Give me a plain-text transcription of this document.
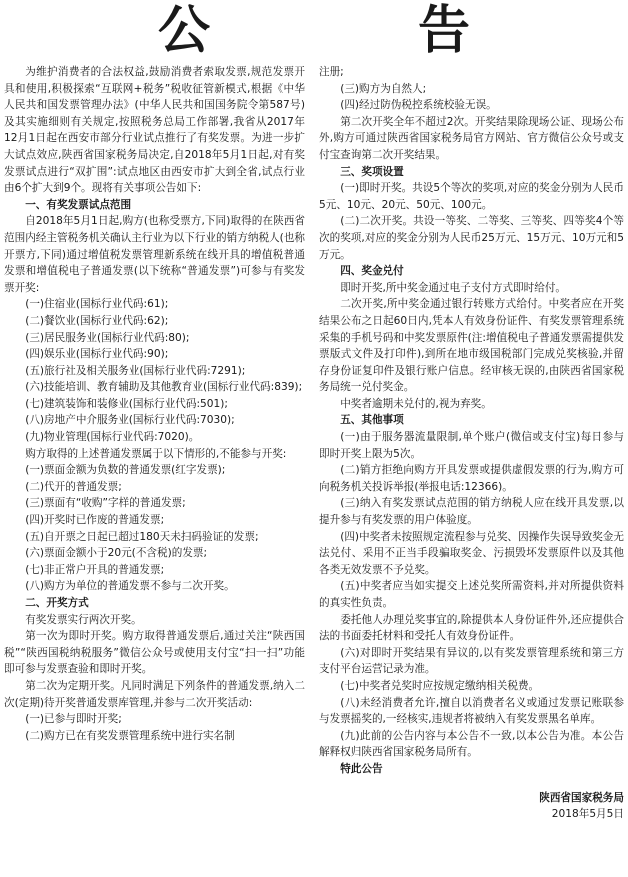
公　告

为维护消费者的合法权益,鼓励消费者索取发票,规范发票开具和使用,积极探索“互联网+税务”税收征管新模式,根据《中华人民共和国发票管理办法》(中华人民共和国国务院令第587号)及其实施细则有关规定,按照税务总局工作部署,我省从2017年12月1日起在西安市部分行业试点推行了有奖发票。为进一步扩大试点效应,陕西省国家税务局决定,自2018年5月1日起,对有奖发票试点进行“双扩围”:试点地区由西安市扩大到全省,试点行业由6个扩大到9个。现将有关事项公告如下:

一、有奖发票试点范围

自2018年5月1日起,购方(也称受票方,下同)取得的在陕西省范围内经主管税务机关确认主行业为以下行业的销方纳税人(也称开票方,下同)通过增值税发票管理新系统在线开具的增值税普通发票和增值税电子普通发票(以下统称“普通发票”)可参与有奖发票开奖:

(一)住宿业(国标行业代码:61);

(二)餐饮业(国标行业代码:62);

(三)居民服务业(国标行业代码:80);

(四)娱乐业(国标行业代码:90);

(五)旅行社及相关服务业(国标行业代码:7291);

(六)技能培训、教育辅助及其他教育业(国标行业代码:839);

(七)建筑装饰和装修业(国标行业代码:501);

(八)房地产中介服务业(国标行业代码:7030);

(九)物业管理(国标行业代码:7020)。

购方取得的上述普通发票属于以下情形的,不能参与开奖:

(一)票面金额为负数的普通发票(红字发票);

(二)代开的普通发票;

(三)票面有“收购”字样的普通发票;

(四)开奖时已作废的普通发票;

(五)自开票之日起已超过180天未扫码验证的发票;

(六)票面金额小于20元(不含税)的发票;

(七)非正常户开具的普通发票;

(八)购方为单位的普通发票不参与二次开奖。

二、开奖方式

有奖发票实行两次开奖。

第一次为即时开奖。购方取得普通发票后,通过关注“陕西国税”“陕西国税纳税服务”微信公众号或使用支付宝“扫一扫”功能即可参与发票查验和即时开奖。

第二次为定期开奖。凡同时满足下列条件的普通发票,纳入二次(定期)待开奖普通发票库管理,并参与二次开奖活动:

(一)已参与即时开奖;

(二)购方已在有奖发票管理系统中进行实名制

注册;

(三)购方为自然人;

(四)经过防伪税控系统校验无误。

第二次开奖全年不超过2次。开奖结果除现场公证、现场公布外,购方可通过陕西省国家税务局官方网站、官方微信公众号或支付宝查询第二次开奖结果。

三、奖项设置

(一)即时开奖。共设5个等次的奖项,对应的奖金分别为人民币5元、10元、20元、50元、100元。

(二)二次开奖。共设一等奖、二等奖、三等奖、四等奖4个等次的奖项,对应的奖金分别为人民币25万元、15万元、10万元和5万元。

四、奖金兑付

即时开奖,所中奖金通过电子支付方式即时给付。

二次开奖,所中奖金通过银行转账方式给付。中奖者应在开奖结果公布之日起60日内,凭本人有效身份证件、有奖发票管理系统采集的手机号码和中奖发票原件(注:增值税电子普通发票需提供发票版式文件及打印件),到所在地市级国税部门完成兑奖核验,并留存身份证复印件及银行账户信息。经审核无误的,由陕西省国家税务局统一兑付奖金。

中奖者逾期未兑付的,视为弃奖。

五、其他事项

(一)由于服务器流量限制,单个账户(微信或支付宝)每日参与即时开奖上限为5次。

(二)销方拒绝向购方开具发票或提供虚假发票的行为,购方可向税务机关投诉举报(举报电话:12366)。

(三)纳入有奖发票试点范围的销方纳税人应在线开具发票,以提升参与有奖发票的用户体验度。

(四)中奖者未按照规定流程参与兑奖、因操作失误导致奖金无法兑付、采用不正当手段骗取奖金、污损毁坏发票原件以及其他各类无效发票不予兑奖。

(五)中奖者应当如实提交上述兑奖所需资料,并对所提供资料的真实性负责。

委托他人办理兑奖事宜的,除提供本人身份证件外,还应提供合法的书面委托材料和受托人有效身份证件。

(六)对即时开奖结果有异议的,以有奖发票管理系统和第三方支付平台运营记录为准。

(七)中奖者兑奖时应按规定缴纳相关税费。

(八)未经消费者允许,擅自以消费者名义或通过发票记账联参与发票摇奖的,一经核实,违规者将被纳入有奖发票黑名单库。

(九)此前的公告内容与本公告不一致,以本公告为准。本公告解释权归陕西省国家税务局所有。

特此公告

陕西省国家税务局

2018年5月5日
